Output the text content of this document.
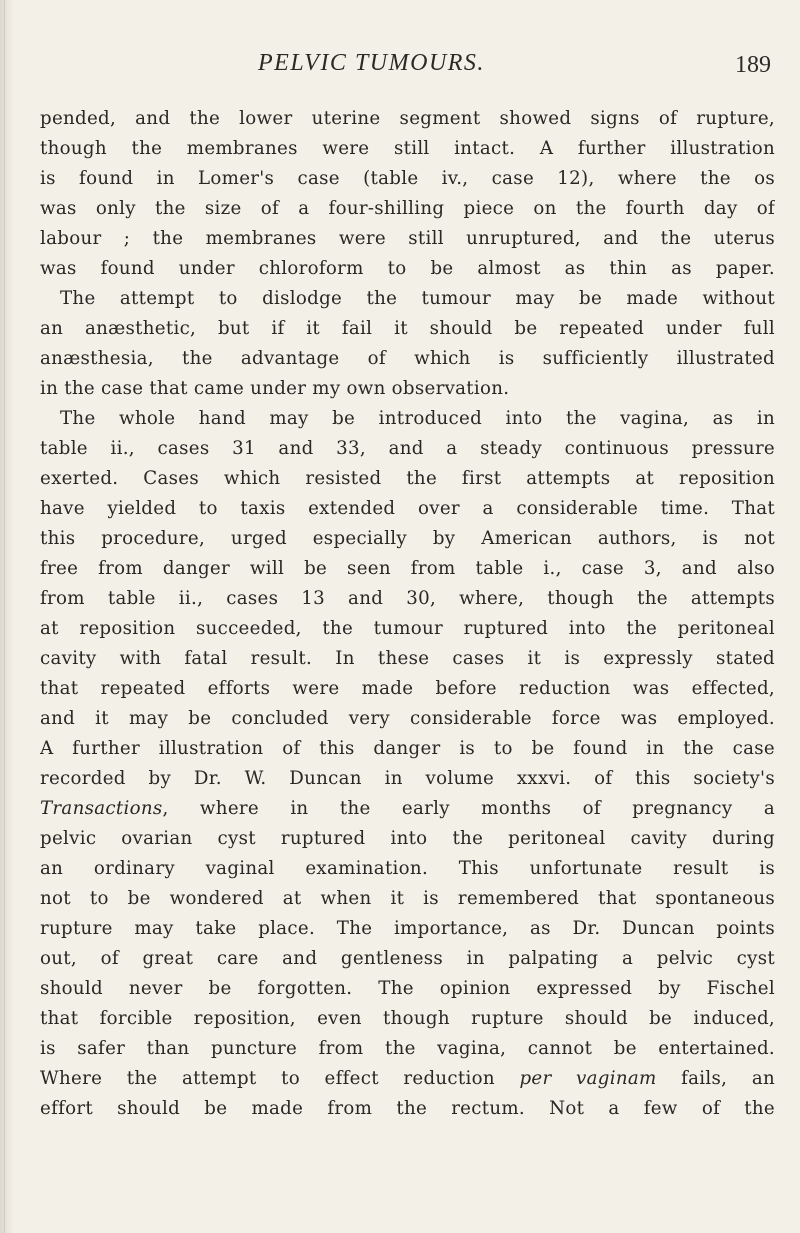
PELVIC TUMOURS.	189
pended, and the lower uterine segment showed signs of rupture,
though the membranes were still intact. A further illustration
is found in Lomer's case (table iv., case 12), where the os
was only the size of a four-shilling piece on the fourth day of
labour ; the membranes were still unruptured, and the uterus
was found under chloroform to be almost as thin as paper.
The attempt to dislodge the tumour may be made without
an anæsthetic, but if it fail it should be repeated under full
anæsthesia, the advantage of which is sufficiently illustrated
in the case that came under my own observation.
The whole hand may be introduced into the vagina, as in
table ii., cases 31 and 33, and a steady continuous pressure
exerted. Cases which resisted the first attempts at reposition
have yielded to taxis extended over a considerable time. That
this procedure, urged especially by American authors, is not
free from danger will be seen from table i., case 3, and also
from table ii., cases 13 and 30, where, though the attempts
at reposition succeeded, the tumour ruptured into the peritoneal
cavity with fatal result. In these cases it is expressly stated
that repeated efforts were made before reduction was effected,
and it may be concluded very considerable force was employed.
A further illustration of this danger is to be found in the case
recorded by Dr. W. Duncan in volume xxxvi. of this society's
Transactions, where in the early months of pregnancy a
pelvic ovarian cyst ruptured into the peritoneal cavity during
an ordinary vaginal examination. This unfortunate result is
not to be wondered at when it is remembered that spontaneous
rupture may take place. The importance, as Dr. Duncan points
out, of great care and gentleness in palpating a pelvic cyst
should never be forgotten. The opinion expressed by Fischel
that forcible reposition, even though rupture should be induced,
is safer than puncture from the vagina, cannot be entertained.
Where the attempt to effect reduction per vaginam fails, an
effort should be made from the rectum. Not a few of the
